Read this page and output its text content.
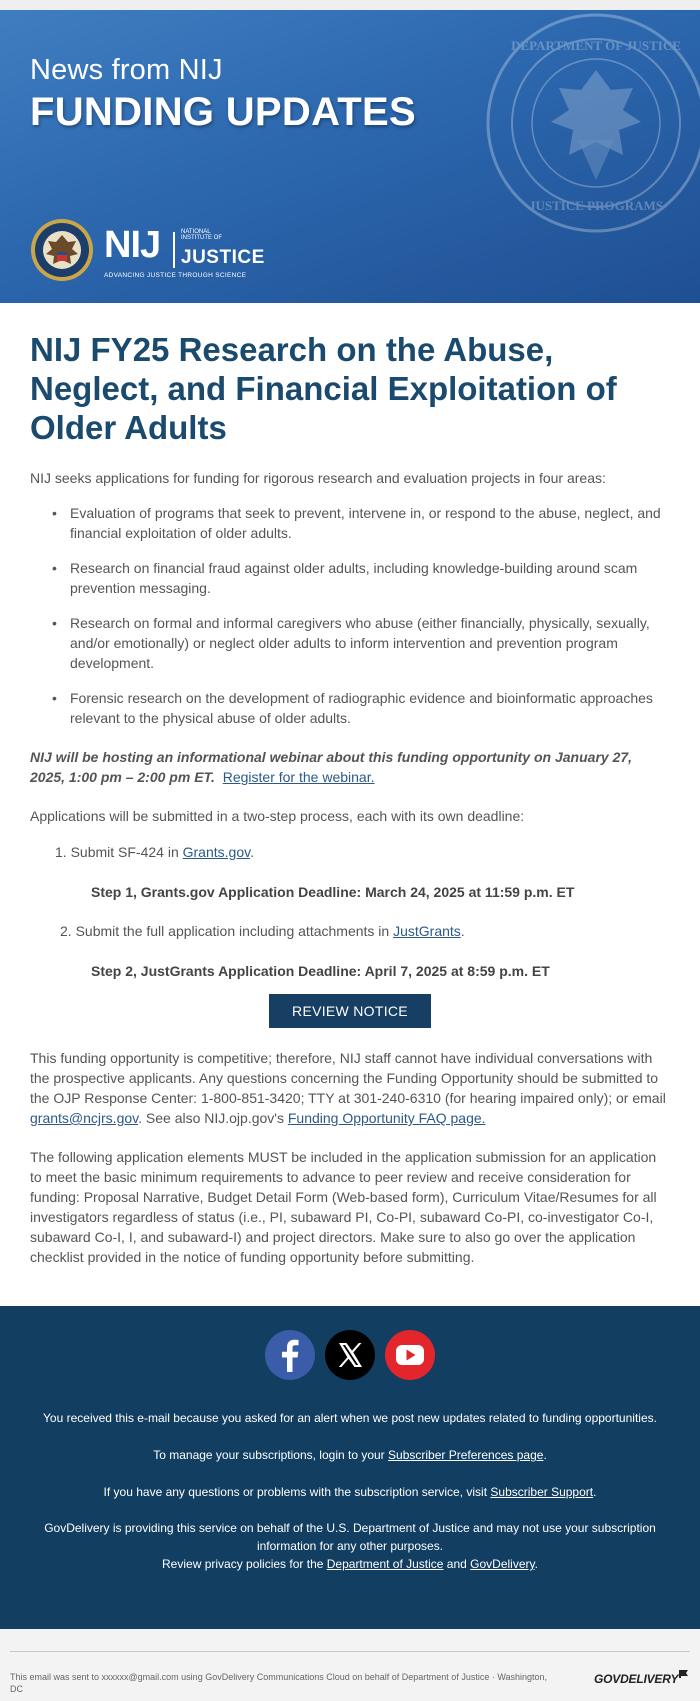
DEPARTMENT OF JUSTICE
JUSTICE PROGRAMS
News from NIJ
FUNDING UPDATES
NIJ	NATIONAL INSTITUTE OF
JUSTICE
ADVANCING JUSTICE THROUGH SCIENCE
NIJ FY25 Research on the Abuse, Neglect, and Financial Exploitation of Older Adults
NIJ seeks applications for funding for rigorous research and evaluation projects in four areas:
• Evaluation of programs that seek to prevent, intervene in, or respond to the abuse, neglect, and financial exploitation of older adults.
• Research on financial fraud against older adults, including knowledge-building around scam prevention messaging.
• Research on formal and informal caregivers who abuse (either financially, physically, sexually, and/or emotionally) or neglect older adults to inform intervention and prevention program development.
• Forensic research on the development of radiographic evidence and bioinformatic approaches relevant to the physical abuse of older adults.
NIJ will be hosting an informational webinar about this funding opportunity on January 27, 2025, 1:00 pm – 2:00 pm ET. Register for the webinar.
Applications will be submitted in a two-step process, each with its own deadline:
1. Submit SF-424 in Grants.gov.
Step 1, Grants.gov Application Deadline: March 24, 2025 at 11:59 p.m. ET
2. Submit the full application including attachments in JustGrants.
Step 2, JustGrants Application Deadline: April 7, 2025 at 8:59 p.m. ET
REVIEW NOTICE
This funding opportunity is competitive; therefore, NIJ staff cannot have individual conversations with the prospective applicants. Any questions concerning the Funding Opportunity should be submitted to the OJP Response Center: 1-800-851-3420; TTY at 301-240-6310 (for hearing impaired only); or email grants@ncjrs.gov. See also NIJ.ojp.gov's Funding Opportunity FAQ page.
The following application elements MUST be included in the application submission for an application to meet the basic minimum requirements to advance to peer review and receive consideration for funding: Proposal Narrative, Budget Detail Form (Web-based form), Curriculum Vitae/Resumes for all investigators regardless of status (i.e., PI, subaward PI, Co-PI, subaward Co-PI, co-investigator Co-I, subaward Co-I, I, and subaward-I) and project directors. Make sure to also go over the application checklist provided in the notice of funding opportunity before submitting.
You received this e-mail because you asked for an alert when we post new updates related to funding opportunities.
To manage your subscriptions, login to your Subscriber Preferences page.
If you have any questions or problems with the subscription service, visit Subscriber Support.
GovDelivery is providing this service on behalf of the U.S. Department of Justice and may not use your subscription information for any other purposes.
Review privacy policies for the Department of Justice and GovDelivery.
This email was sent to xxxxxx@gmail.com using GovDelivery Communications Cloud on behalf of Department of Justice · Washington, DC
GOVDELIVERY
